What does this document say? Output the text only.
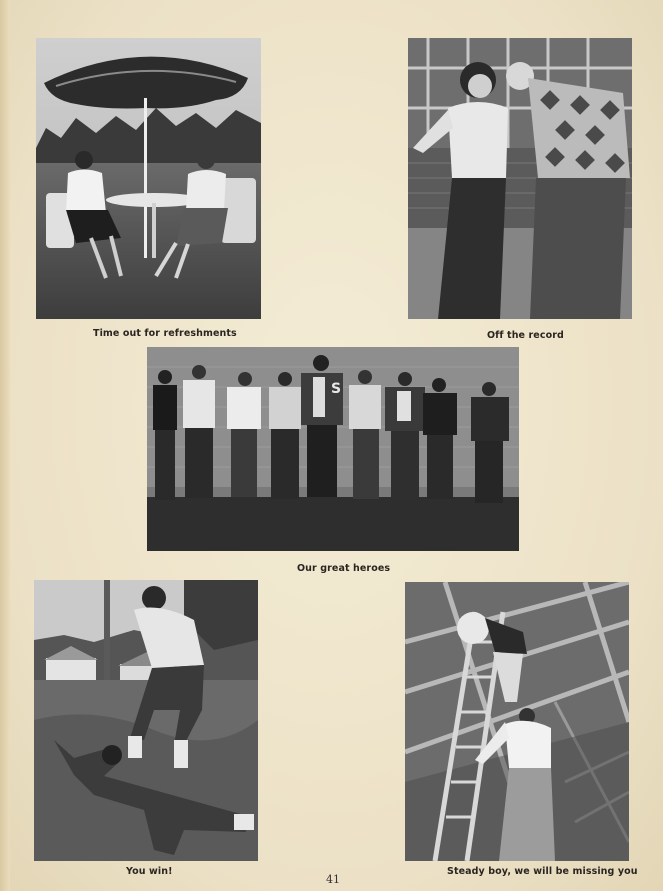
Time out for refreshments	Off the record
S
Our great heroes
You win!	Steady boy, we will be missing you
41
